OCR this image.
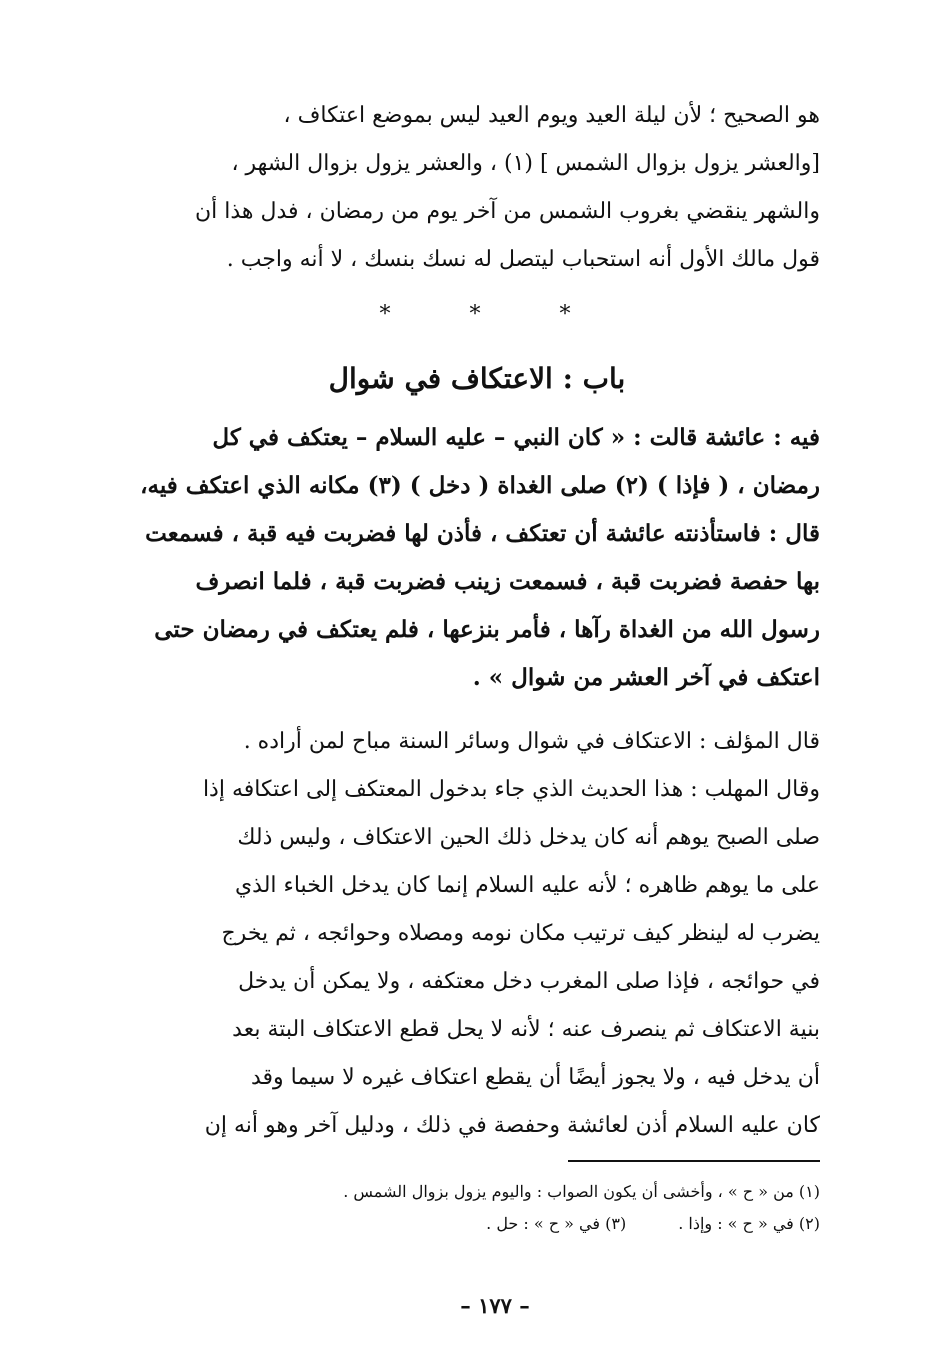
هو الصحيح ؛ لأن ليلة العيد ويوم العيد ليس بموضع اعتكاف ،
[والعشر يزول بزوال الشمس ] (١) ، والعشر يزول بزوال الشهر ،
والشهر ينقضي بغروب الشمس من آخر يوم من رمضان ، فدل هذا أن
قول مالك الأول أنه استحباب ليتصل له نسك بنسك ، لا أنه واجب .
*	*	*
باب : الاعتكاف في شوال
فيه : عائشة قالت : « كان النبي – عليه السلام – يعتكف في كل
رمضان ، ( فإذا ) (٢) صلى الغداة ( دخل ) (٣) مكانه الذي اعتكف فيه،
قال : فاستأذنته عائشة أن تعتكف ، فأذن لها فضربت فيه قبة ، فسمعت
بها حفصة فضربت قبة ، فسمعت زينب فضربت قبة ، فلما انصرف
رسول الله من الغداة رآها ، فأمر بنزعها ، فلم يعتكف في رمضان حتى
اعتكف في آخر العشر من شوال » .
قال المؤلف : الاعتكاف في شوال وسائر السنة مباح لمن أراده .
وقال المهلب : هذا الحديث الذي جاء بدخول المعتكف إلى اعتكافه إذا
صلى الصبح يوهم أنه كان يدخل ذلك الحين الاعتكاف ، وليس ذلك
على ما يوهم ظاهره ؛ لأنه عليه السلام إنما كان يدخل الخباء الذي
يضرب له لينظر كيف ترتيب مكان نومه ومصلاه وحوائجه ، ثم يخرج
في حوائجه ، فإذا صلى المغرب دخل معتكفه ، ولا يمكن أن يدخل
بنية الاعتكاف ثم ينصرف عنه ؛ لأنه لا يحل قطع الاعتكاف البتة بعد
أن يدخل فيه ، ولا يجوز أيضًا أن يقطع اعتكاف غيره لا سيما وقد
كان عليه السلام أذن لعائشة وحفصة في ذلك ، ودليل آخر وهو أنه إن
(١) من « ح » ، وأخشى أن يكون الصواب : واليوم يزول بزوال الشمس .
(٢) في « ح » : وإذا .
(٣) في « ح » : حل .
– ١٧٧ –
